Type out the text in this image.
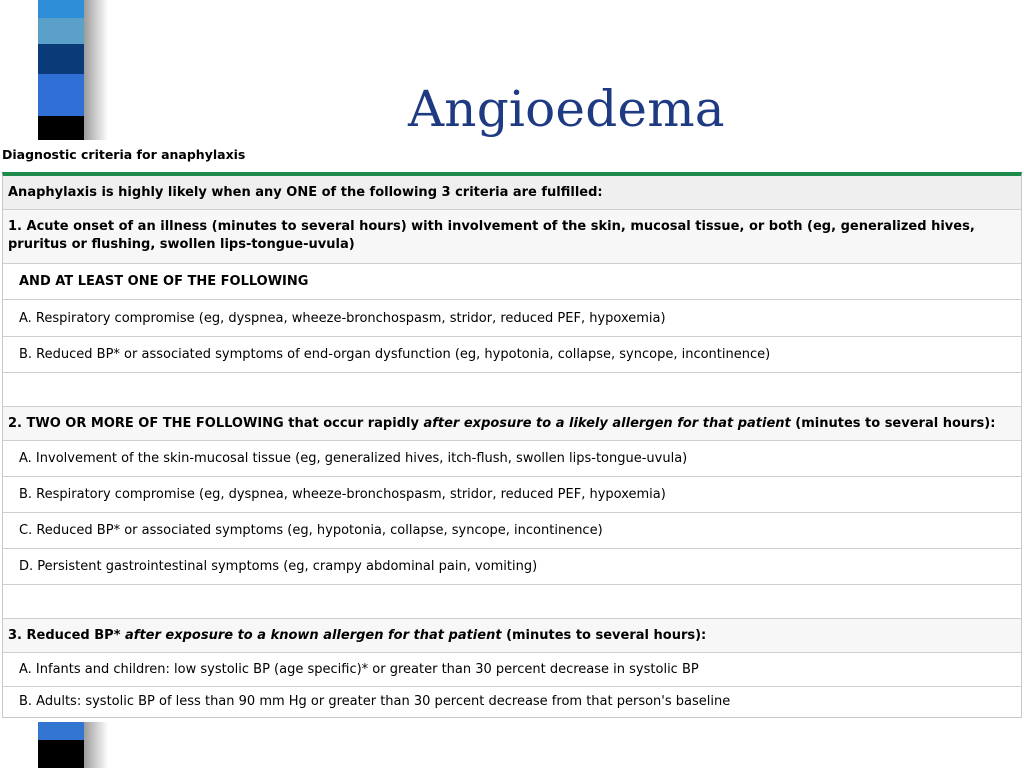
Angioedema
Diagnostic criteria for anaphylaxis
Anaphylaxis is highly likely when any ONE of the following 3 criteria are fulfilled:
1. Acute onset of an illness (minutes to several hours) with involvement of the skin, mucosal tissue, or both (eg, generalized hives, pruritus or flushing, swollen lips-tongue-uvula)
AND AT LEAST ONE OF THE FOLLOWING
A. Respiratory compromise (eg, dyspnea, wheeze-bronchospasm, stridor, reduced PEF, hypoxemia)
B. Reduced BP* or associated symptoms of end-organ dysfunction (eg, hypotonia, collapse, syncope, incontinence)
2. TWO OR MORE OF THE FOLLOWING that occur rapidly after exposure to a likely allergen for that patient (minutes to several hours):
A. Involvement of the skin-mucosal tissue (eg, generalized hives, itch-flush, swollen lips-tongue-uvula)
B. Respiratory compromise (eg, dyspnea, wheeze-bronchospasm, stridor, reduced PEF, hypoxemia)
C. Reduced BP* or associated symptoms (eg, hypotonia, collapse, syncope, incontinence)
D. Persistent gastrointestinal symptoms (eg, crampy abdominal pain, vomiting)
3. Reduced BP* after exposure to a known allergen for that patient (minutes to several hours):
A. Infants and children: low systolic BP (age specific)* or greater than 30 percent decrease in systolic BP
B. Adults: systolic BP of less than 90 mm Hg or greater than 30 percent decrease from that person's baseline
